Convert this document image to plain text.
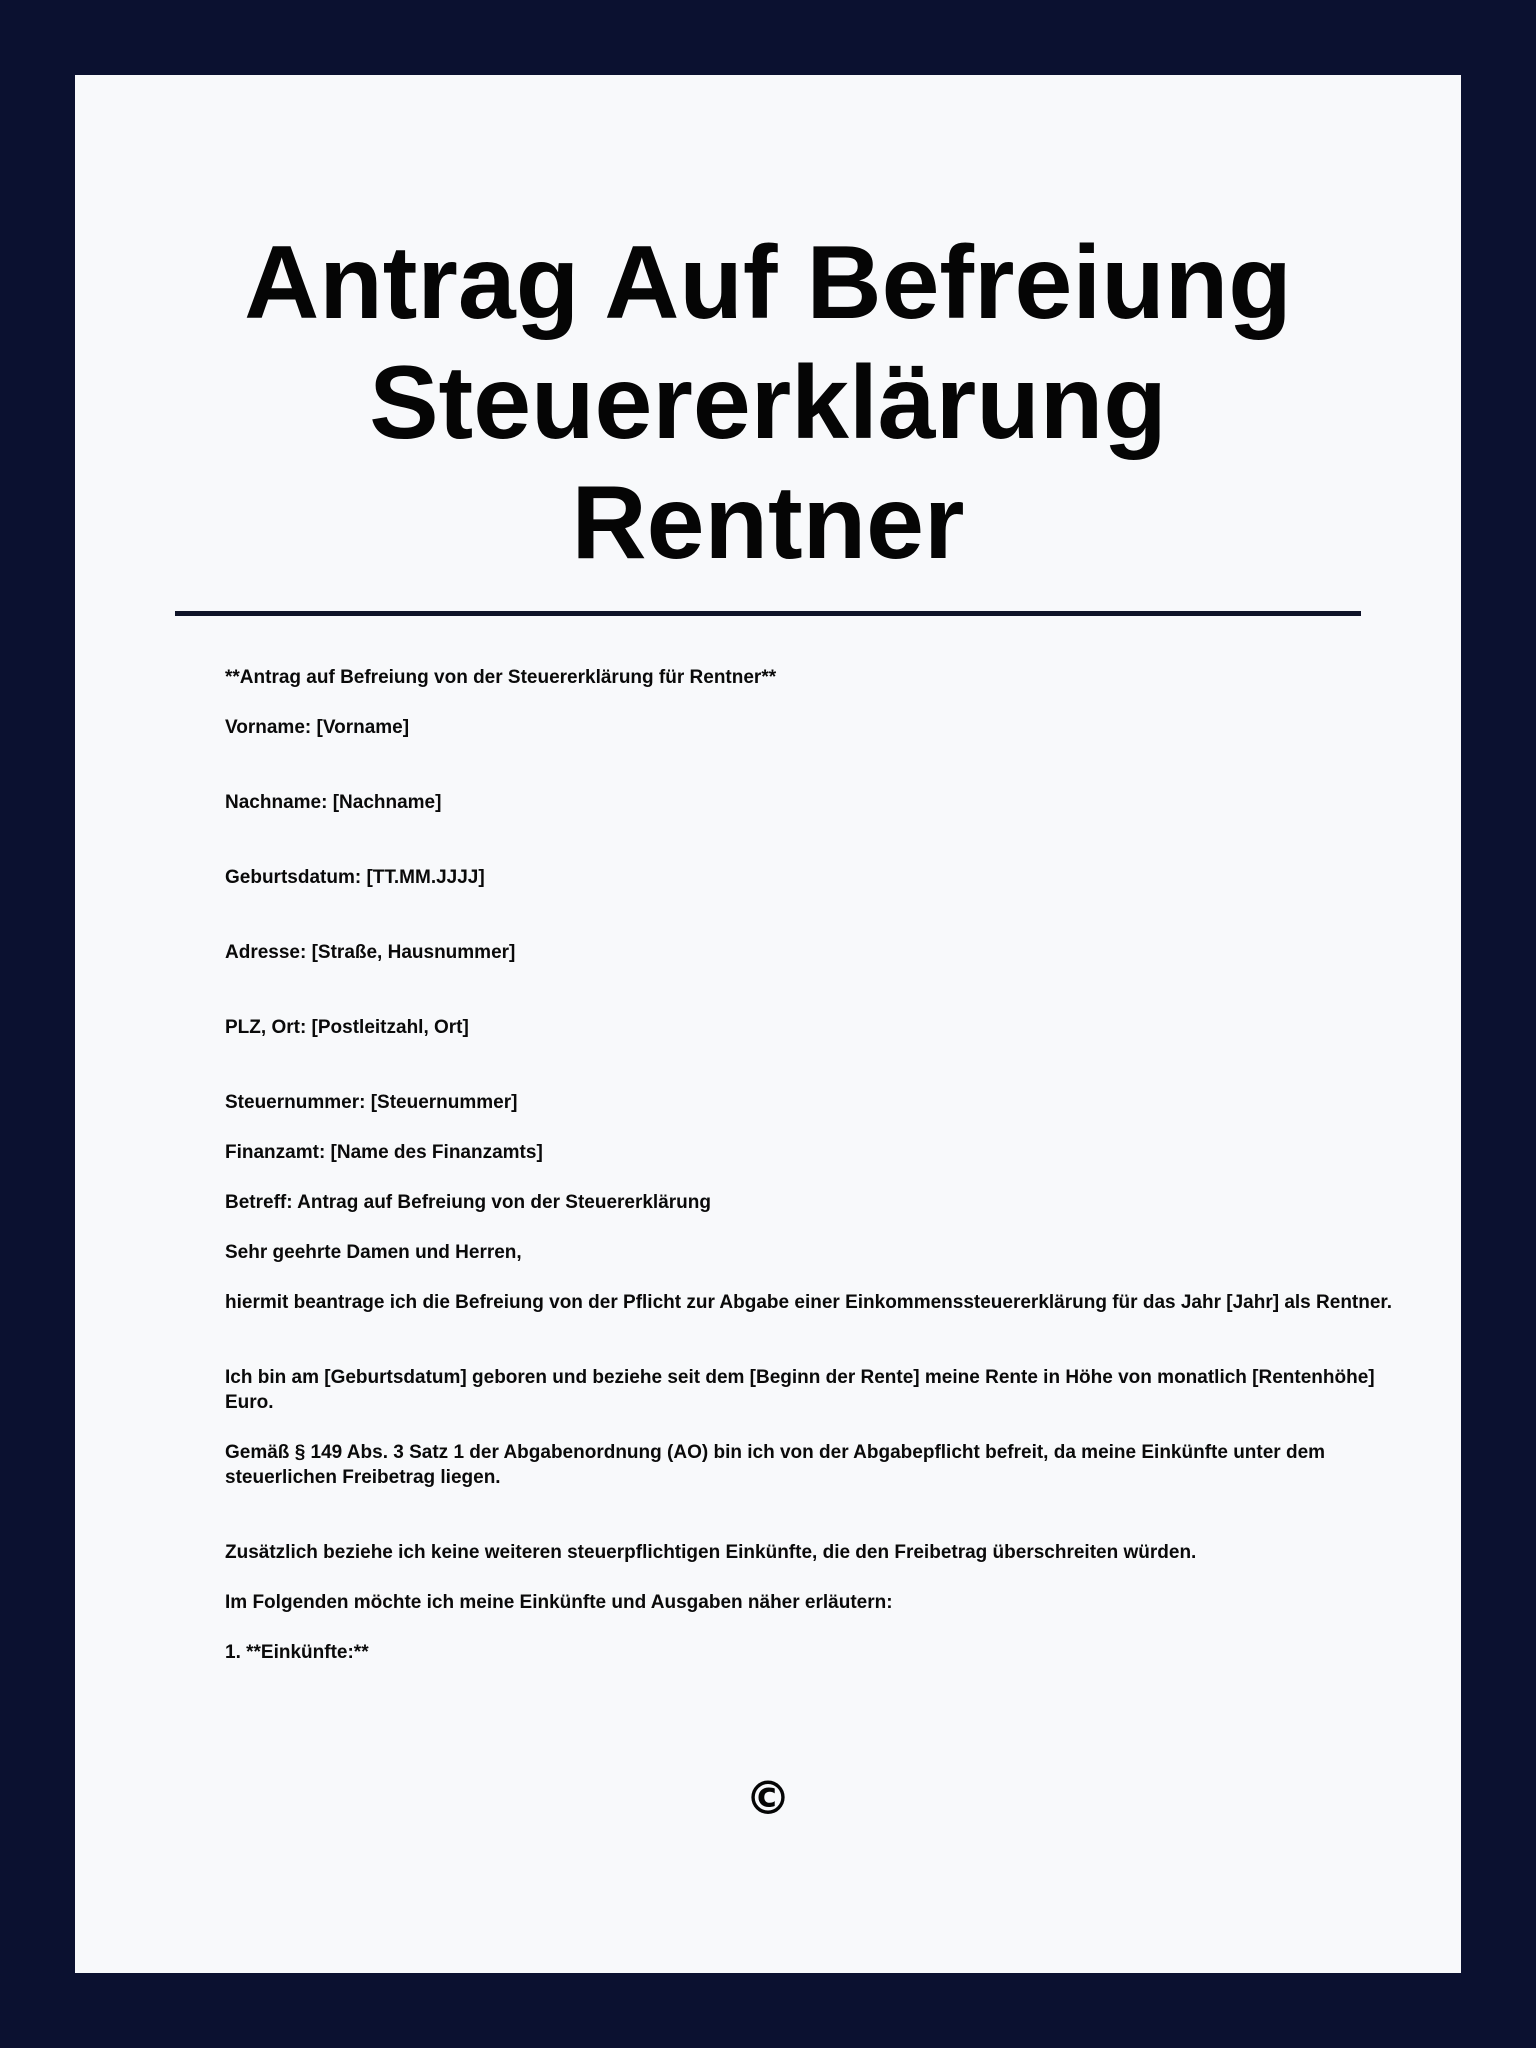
Antrag Auf Befreiung
Steuererklärung
Rentner

**Antrag auf Befreiung von der Steuererklärung für Rentner**

Vorname: [Vorname]

Nachname: [Nachname]

Geburtsdatum: [TT.MM.JJJJ]

Adresse: [Straße, Hausnummer]

PLZ, Ort: [Postleitzahl, Ort]

Steuernummer: [Steuernummer]

Finanzamt: [Name des Finanzamts]

Betreff: Antrag auf Befreiung von der Steuererklärung

Sehr geehrte Damen und Herren,

hiermit beantrage ich die Befreiung von der Pflicht zur Abgabe einer Einkommenssteuererklärung für das Jahr [Jahr] als Rentner.

Ich bin am [Geburtsdatum] geboren und beziehe seit dem [Beginn der Rente] meine Rente in Höhe von monatlich [Rentenhöhe] Euro.

Gemäß § 149 Abs. 3 Satz 1 der Abgabenordnung (AO) bin ich von der Abgabepflicht befreit, da meine Einkünfte unter dem steuerlichen Freibetrag liegen.

Zusätzlich beziehe ich keine weiteren steuerpflichtigen Einkünfte, die den Freibetrag überschreiten würden.

Im Folgenden möchte ich meine Einkünfte und Ausgaben näher erläutern:

1. **Einkünfte:**

©
